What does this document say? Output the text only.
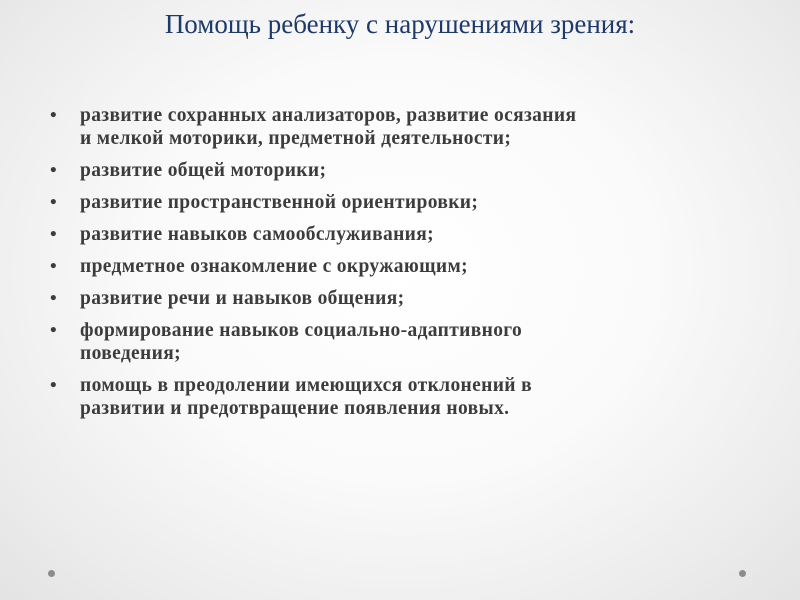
Помощь ребенку с нарушениями зрения:
• развитие сохранных анализаторов, развитие осязания
и мелкой моторики, предметной деятельности;
• развитие общей моторики;
• развитие пространственной ориентировки;
• развитие навыков самообслуживания;
• предметное ознакомление с окружающим;
• развитие речи и навыков общения;
• формирование навыков социально-адаптивного
поведения;
• помощь в преодолении имеющихся отклонений в
развитии и предотвращение появления новых.
